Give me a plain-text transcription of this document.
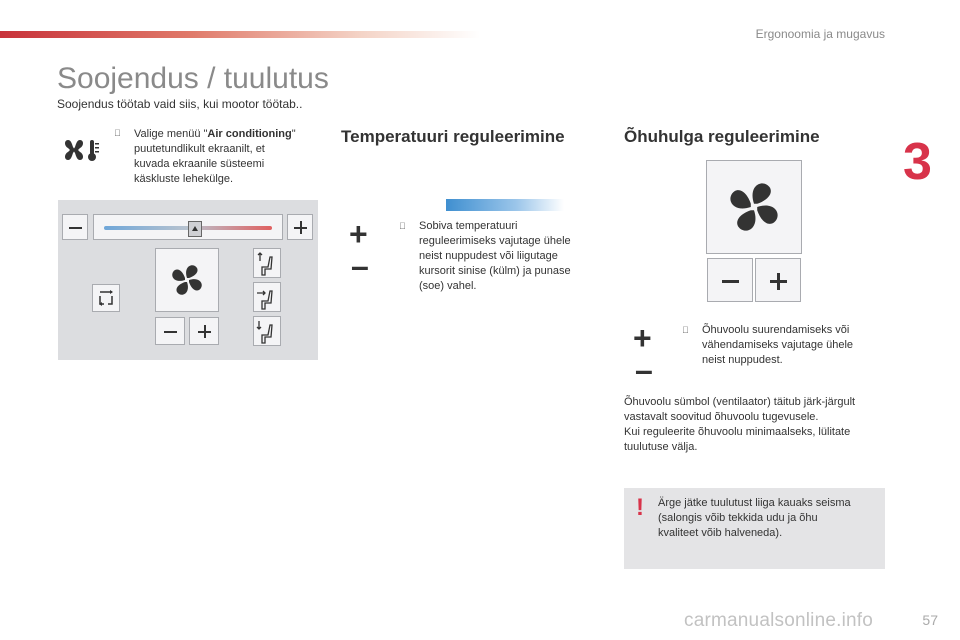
Ergonoomia ja mugavus
3
Soojendus / tuulutus
Soojendus töötab vaid siis, kui mootor töötab..
Valige menüü "Air conditioning"
puutetundlikult ekraanilt, et
kuvada ekraanile süsteemi
käskluste lehekülge.
Temperatuuri reguleerimine
+
–
Sobiva temperatuuri
reguleerimiseks vajutage ühele
neist nuppudest või liigutage
kursorit sinise (külm) ja punase
(soe) vahel.
Õhuhulga reguleerimine
+
–
Õhuvoolu suurendamiseks või
vähendamiseks vajutage ühele
neist nuppudest.
Õhuvoolu sümbol (ventilaator) täitub järk-järgult
vastavalt soovitud õhuvoolu tugevusele.
Kui reguleerite õhuvoolu minimaalseks, lülitate
tuulutuse välja.
! Ärge jätke tuulutust liiga kauaks seisma
(salongis võib tekkida udu ja õhu
kvaliteet võib halveneda).
57
carmanualsonline.info
